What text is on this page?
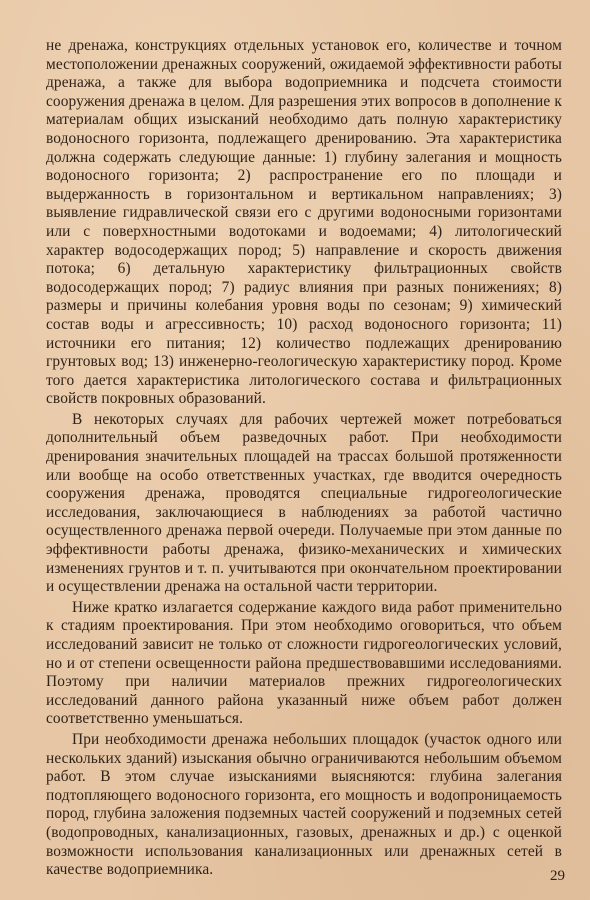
не дренажа, конструкциях отдельных установок его, количестве и точном местоположении дренажных сооружений, ожидаемой эффективности работы дренажа, а также для выбора водоприемника и подсчета стоимости сооружения дренажа в целом. Для разрешения этих вопросов в дополнение к материалам общих изысканий необходимо дать полную характеристику водоносного горизонта, подлежащего дренированию. Эта характеристика должна содержать следующие данные: 1) глубину залегания и мощность водоносного горизонта; 2) распространение его по площади и выдержанность в горизонтальном и вертикальном направлениях; 3) выявление гидравлической связи его с другими водоносными горизонтами или с поверхностными водотоками и водоемами; 4) литологический характер водосодержащих пород; 5) направление и скорость движения потока; 6) детальную характеристику фильтрационных свойств водосодержащих пород; 7) радиус влияния при разных понижениях; 8) размеры и причины колебания уровня воды по сезонам; 9) химический состав воды и агрессивность; 10) расход водоносного горизонта; 11) источники его питания; 12) количество подлежащих дренированию грунтовых вод; 13) инженерно-геологическую характеристику пород. Кроме того дается характеристика литологического состава и фильтрационных свойств покровных образований.

В некоторых случаях для рабочих чертежей может потребоваться дополнительный объем разведочных работ. При необходимости дренирования значительных площадей на трассах большой протяженности или вообще на особо ответственных участках, где вводится очередность сооружения дренажа, проводятся специальные гидрогеологические исследования, заключающиеся в наблюдениях за работой частично осуществленного дренажа первой очереди. Получаемые при этом данные по эффективности работы дренажа, физико-механических и химических изменениях грунтов и т. п. учитываются при окончательном проектировании и осуществлении дренажа на остальной части территории.

Ниже кратко излагается содержание каждого вида работ применительно к стадиям проектирования. При этом необходимо оговориться, что объем исследований зависит не только от сложности гидрогеологических условий, но и от степени освещенности района предшествовавшими исследованиями. Поэтому при наличии материалов прежних гидрогеологических исследований данного района указанный ниже объем работ должен соответственно уменьшаться.

При необходимости дренажа небольших площадок (участок одного или нескольких зданий) изыскания обычно ограничиваются небольшим объемом работ. В этом случае изысканиями выясняются: глубина залегания подтопляющего водоносного горизонта, его мощность и водопроницаемость пород, глубина заложения подземных частей сооружений и подземных сетей (водопроводных, канализационных, газовых, дренажных и др.) с оценкой возможности использования канализационных или дренажных сетей в качестве водоприемника.	29
